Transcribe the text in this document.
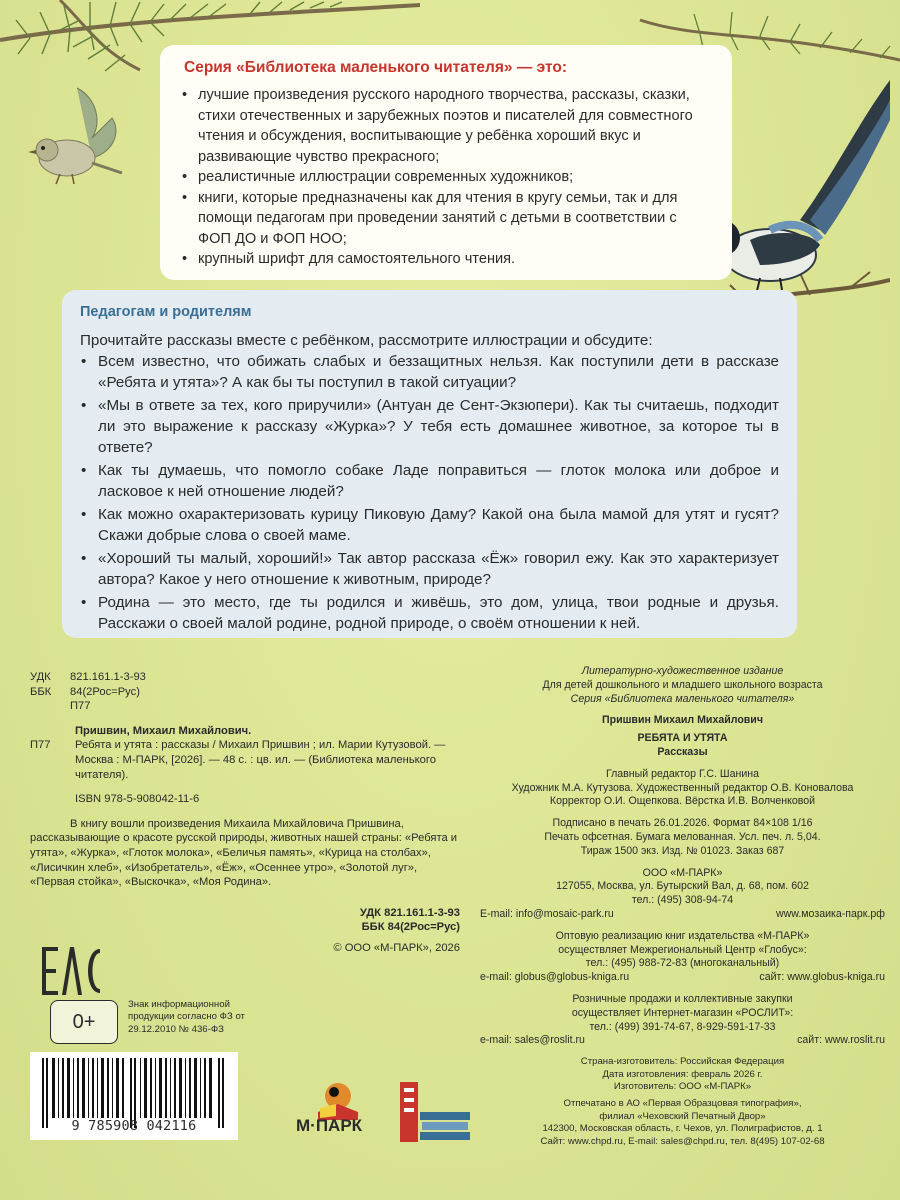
Серия «Библиотека маленького читателя» — это:
• лучшие произведения русского народного творчества, рассказы, сказки, стихи отечественных и зарубежных поэтов и писателей для совместного чтения и обсуждения, воспитывающие у ребёнка хороший вкус и развивающие чувство прекрасного;
• реалистичные иллюстрации современных художников;
• книги, которые предназначены как для чтения в кругу семьи, так и для помощи педагогам при проведении занятий с детьми в соответствии с ФОП ДО и ФОП НОО;
• крупный шрифт для самостоятельного чтения.
Педагогам и родителям
Прочитайте рассказы вместе с ребёнком, рассмотрите иллюстрации и обсудите:
• Всем известно, что обижать слабых и беззащитных нельзя. Как поступили дети в рассказе «Ребята и утята»? А как бы ты поступил в такой ситуации?
• «Мы в ответе за тех, кого приручили» (Антуан де Сент-Экзюпери). Как ты считаешь, подходит ли это выражение к рассказу «Журка»? У тебя есть домашнее животное, за которое ты в ответе?
• Как ты думаешь, что помогло собаке Ладе поправиться — глоток молока или доброе и ласковое к ней отношение людей?
• Как можно охарактеризовать курицу Пиковую Даму? Какой она была мамой для утят и гусят? Скажи добрые слова о своей маме.
• «Хороший ты малый, хороший!» Так автор рассказа «Ёж» говорил ежу. Как это характеризует автора? Какое у него отношение к животным, природе?
• Родина — это место, где ты родился и живёшь, это дом, улица, твои родные и друзья. Расскажи о своей малой родине, родной природе, о своём отношении к ней.
УДК	821.161.1-3-93
ББК	84(2Рос=Рус)
П77
Пришвин, Михаил Михайлович.
П77	Ребята и утята : рассказы / Михаил Пришвин ; ил. Марии Кутузовой. — Москва : М-ПАРК, [2026]. — 48 с. : цв. ил. — (Библиотека маленького читателя).
ISBN 978-5-908042-11-6
В книгу вошли произведения Михаила Михайловича Пришвина, рассказывающие о красоте русской природы, животных нашей страны: «Ребята и утята», «Журка», «Глоток молока», «Беличья память», «Курица на столбах», «Лисичкин хлеб», «Изобретатель», «Ёж», «Осеннее утро», «Золотой луг», «Первая стойка», «Выскочка», «Моя Родина».
УДК 821.161.1-3-93
ББК 84(2Рос=Рус)
© ООО «М-ПАРК», 2026
Литературно-художественное издание
Для детей дошкольного и младшего школьного возраста
Серия «Библиотека маленького читателя»
Пришвин Михаил Михайлович
РЕБЯТА И УТЯТА
Рассказы
Главный редактор Г.С. Шанина
Художник М.А. Кутузова. Художественный редактор О.В. Коновалова
Корректор О.И. Ощепкова. Вёрстка И.В. Волченковой
Подписано в печать 26.01.2026. Формат 84×108 1/16
Печать офсетная. Бумага мелованная. Усл. печ. л. 5,04.
Тираж 1500 экз. Изд. № 01023. Заказ 687
ООО «М-ПАРК»
127055, Москва, ул. Бутырский Вал, д. 68, пом. 602
тел.: (495) 308-94-74
E-mail: info@mosaic-park.ru	www.мозаика-парк.рф
Оптовую реализацию книг издательства «М-ПАРК»
осуществляет Межрегиональный Центр «Глобус»:
тел.: (495) 988-72-83 (многоканальный)
e-mail: globus@globus-kniga.ru	сайт: www.globus-kniga.ru
Розничные продажи и коллективные закупки
осуществляет Интернет-магазин «РОСЛИТ»:
тел.: (499) 391-74-67, 8-929-591-17-33
e-mail: sales@roslit.ru	сайт: www.roslit.ru
Страна-изготовитель: Российская Федерация
Дата изготовления: февраль 2026 г.
Изготовитель: ООО «М-ПАРК»
Отпечатано в АО «Первая Образцовая типография»,
филиал «Чеховский Печатный Двор»
142300, Московская область, г. Чехов, ул. Полиграфистов, д. 1
Сайт: www.chpd.ru, E-mail: sales@chpd.ru, тел. 8(495) 107-02-68
0+
Знак информационной продукции согласно ФЗ от 29.12.2010 № 436-ФЗ
9 785908 042116	М·ПАРК
